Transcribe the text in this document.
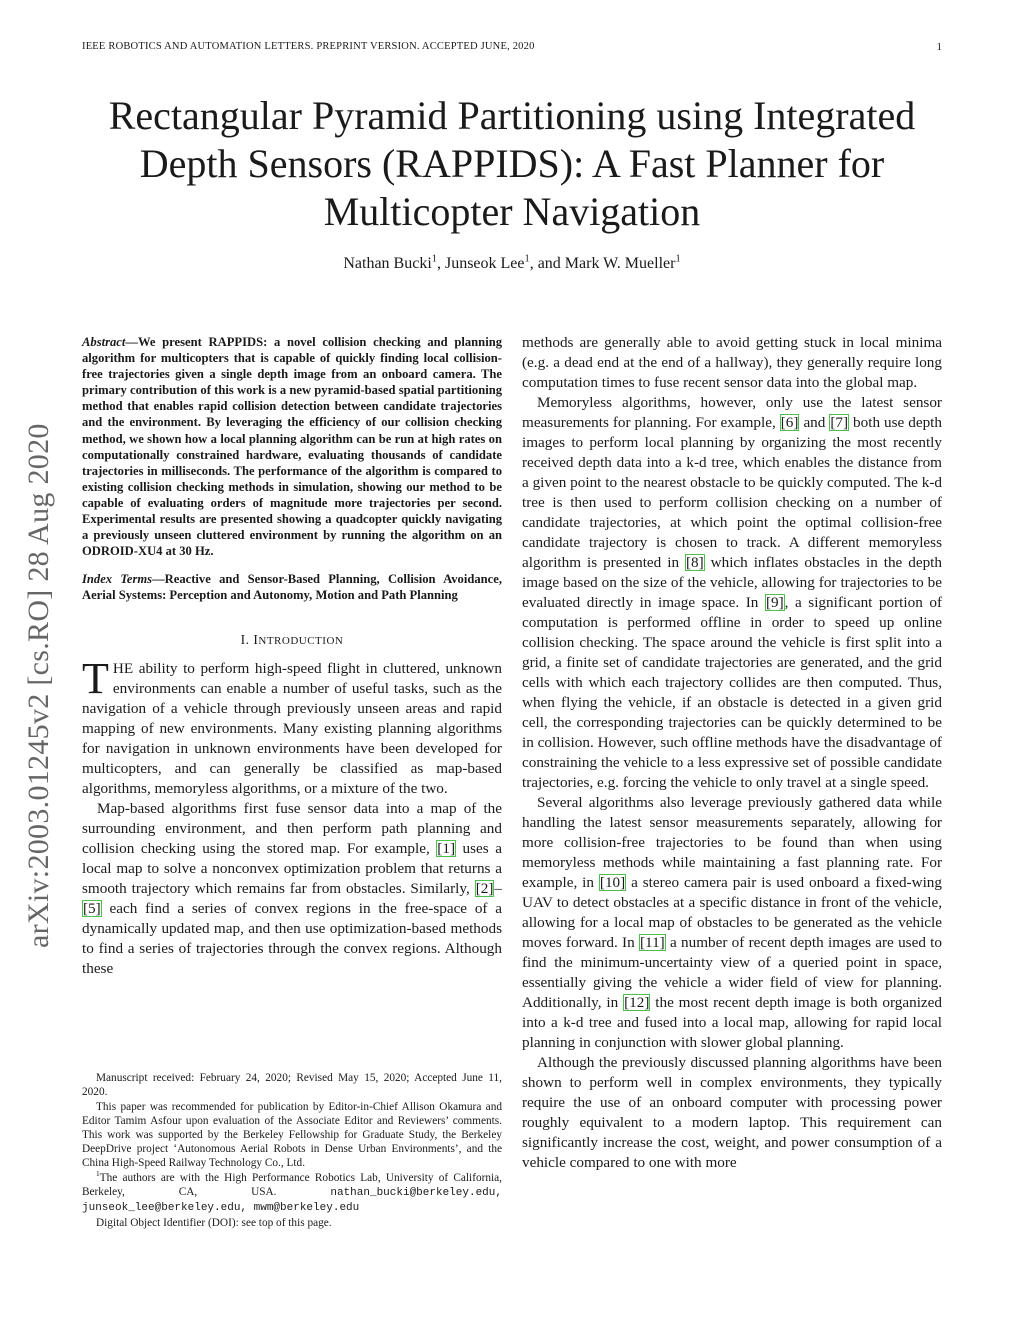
IEEE ROBOTICS AND AUTOMATION LETTERS. PREPRINT VERSION. ACCEPTED JUNE, 2020	1
arXiv:2003.01245v2 [cs.RO] 28 Aug 2020
Rectangular Pyramid Partitioning using Integrated Depth Sensors (RAPPIDS): A Fast Planner for Multicopter Navigation
Nathan Bucki$^1$, Junseok Lee$^1$, and Mark W. Mueller$^1$

Abstract—We present RAPPIDS: a novel collision checking and planning algorithm for multicopters that is capable of quickly finding local collision-free trajectories given a single depth image from an onboard camera. The primary contribution of this work is a new pyramid-based spatial partitioning method that enables rapid collision detection between candidate trajectories and the environment. By leveraging the efficiency of our collision checking method, we shown how a local planning algorithm can be run at high rates on computationally constrained hardware, evaluating thousands of candidate trajectories in milliseconds. The performance of the algorithm is compared to existing collision checking methods in simulation, showing our method to be capable of evaluating orders of magnitude more trajectories per second. Experimental results are presented showing a quadcopter quickly navigating a previously unseen cluttered environment by running the algorithm on an ODROID-XU4 at 30 Hz.

Index Terms—Reactive and Sensor-Based Planning, Collision Avoidance, Aerial Systems: Perception and Autonomy, Motion and Path Planning

I. INTRODUCTION

THE ability to perform high-speed flight in cluttered, unknown environments can enable a number of useful tasks, such as the navigation of a vehicle through previously unseen areas and rapid mapping of new environments. Many existing planning algorithms for navigation in unknown environments have been developed for multicopters, and can generally be classified as map-based algorithms, memoryless algorithms, or a mixture of the two.

Map-based algorithms first fuse sensor data into a map of the surrounding environment, and then perform path planning and collision checking using the stored map. For example, [1] uses a local map to solve a nonconvex optimization problem that returns a smooth trajectory which remains far from obstacles. Similarly, [2]–[5] each find a series of convex regions in the free-space of a dynamically updated map, and then use optimization-based methods to find a series of trajectories through the convex regions. Although these

Manuscript received: February 24, 2020; Revised May 15, 2020; Accepted June 11, 2020.

This paper was recommended for publication by Editor-in-Chief Allison Okamura and Editor Tamim Asfour upon evaluation of the Associate Editor and Reviewers’ comments. This work was supported by the Berkeley Fellowship for Graduate Study, the Berkeley DeepDrive project ‘Autonomous Aerial Robots in Dense Urban Environments’, and the China High-Speed Railway Technology Co., Ltd.

$^1$The authors are with the High Performance Robotics Lab, University of California, Berkeley, CA, USA. nathan_bucki@berkeley.edu, junseok_lee@berkeley.edu, mwm@berkeley.edu

Digital Object Identifier (DOI): see top of this page.

methods are generally able to avoid getting stuck in local minima (e.g. a dead end at the end of a hallway), they generally require long computation times to fuse recent sensor data into the global map.

Memoryless algorithms, however, only use the latest sensor measurements for planning. For example, [6] and [7] both use depth images to perform local planning by organizing the most recently received depth data into a k-d tree, which enables the distance from a given point to the nearest obstacle to be quickly computed. The k-d tree is then used to perform collision checking on a number of candidate trajectories, at which point the optimal collision-free candidate trajectory is chosen to track. A different memoryless algorithm is presented in [8] which inflates obstacles in the depth image based on the size of the vehicle, allowing for trajectories to be evaluated directly in image space. In [9], a significant portion of computation is performed offline in order to speed up online collision checking. The space around the vehicle is first split into a grid, a finite set of candidate trajectories are generated, and the grid cells with which each trajectory collides are then computed. Thus, when flying the vehicle, if an obstacle is detected in a given grid cell, the corresponding trajectories can be quickly determined to be in collision. However, such offline methods have the disadvantage of constraining the vehicle to a less expressive set of possible candidate trajectories, e.g. forcing the vehicle to only travel at a single speed.

Several algorithms also leverage previously gathered data while handling the latest sensor measurements separately, allowing for more collision-free trajectories to be found than when using memoryless methods while maintaining a fast planning rate. For example, in [10] a stereo camera pair is used onboard a fixed-wing UAV to detect obstacles at a specific distance in front of the vehicle, allowing for a local map of obstacles to be generated as the vehicle moves forward. In [11] a number of recent depth images are used to find the minimum-uncertainty view of a queried point in space, essentially giving the vehicle a wider field of view for planning. Additionally, in [12] the most recent depth image is both organized into a k-d tree and fused into a local map, allowing for rapid local planning in conjunction with slower global planning.

Although the previously discussed planning algorithms have been shown to perform well in complex environments, they typically require the use of an onboard computer with processing power roughly equivalent to a modern laptop. This requirement can significantly increase the cost, weight, and power consumption of a vehicle compared to one with more
